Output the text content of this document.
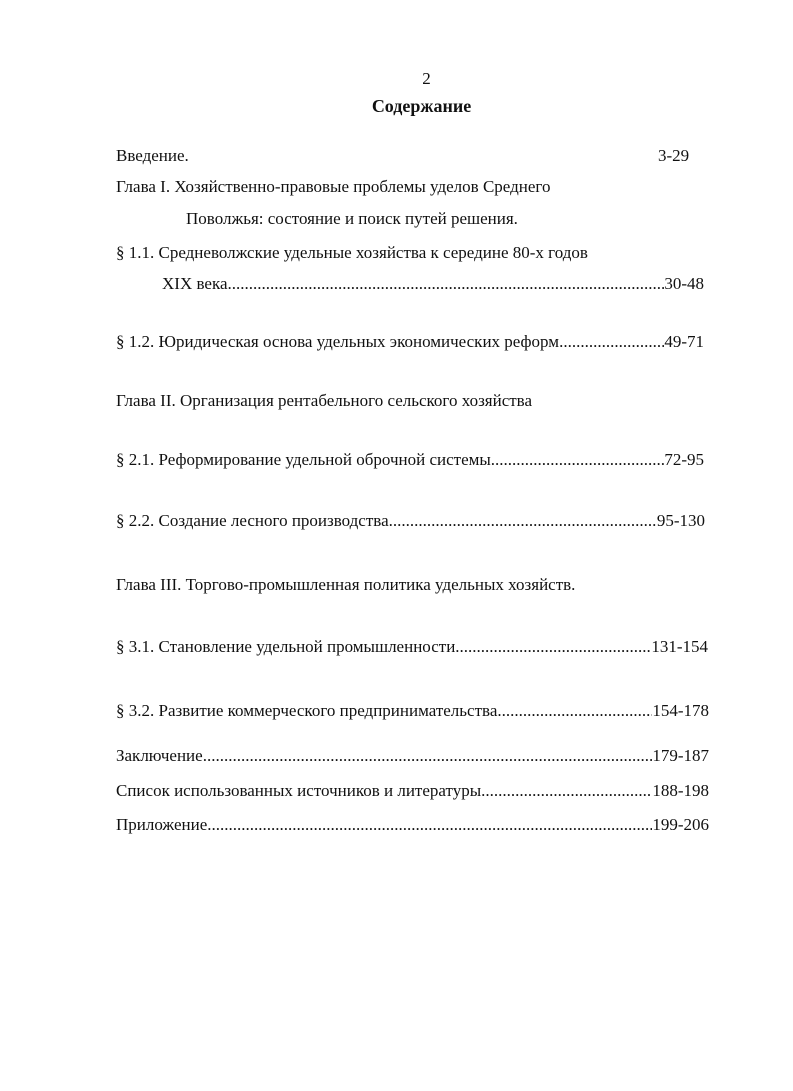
2
Содержание
Введение.	3-29
Глава I. Хозяйственно-правовые проблемы уделов Среднего
Поволжья: состояние и поиск путей решения.
§ 1.1. Средневолжские удельные хозяйства к середине 80-х годов
XIX века .....	30-48
§ 1.2. Юридическая основа удельных экономических реформ .....	49-71
Глава II. Организация рентабельного сельского хозяйства
§ 2.1. Реформирование удельной оброчной системы .....	72-95
§ 2.2. Создание лесного производства .....	95-130
Глава III. Торгово-промышленная политика удельных хозяйств.
§ 3.1. Становление удельной промышленности .....	131-154
§ 3.2. Развитие коммерческого предпринимательства .....	154-178
Заключение .....	179-187
Список использованных источников и литературы .....	188-198
Приложение .....	199-206
